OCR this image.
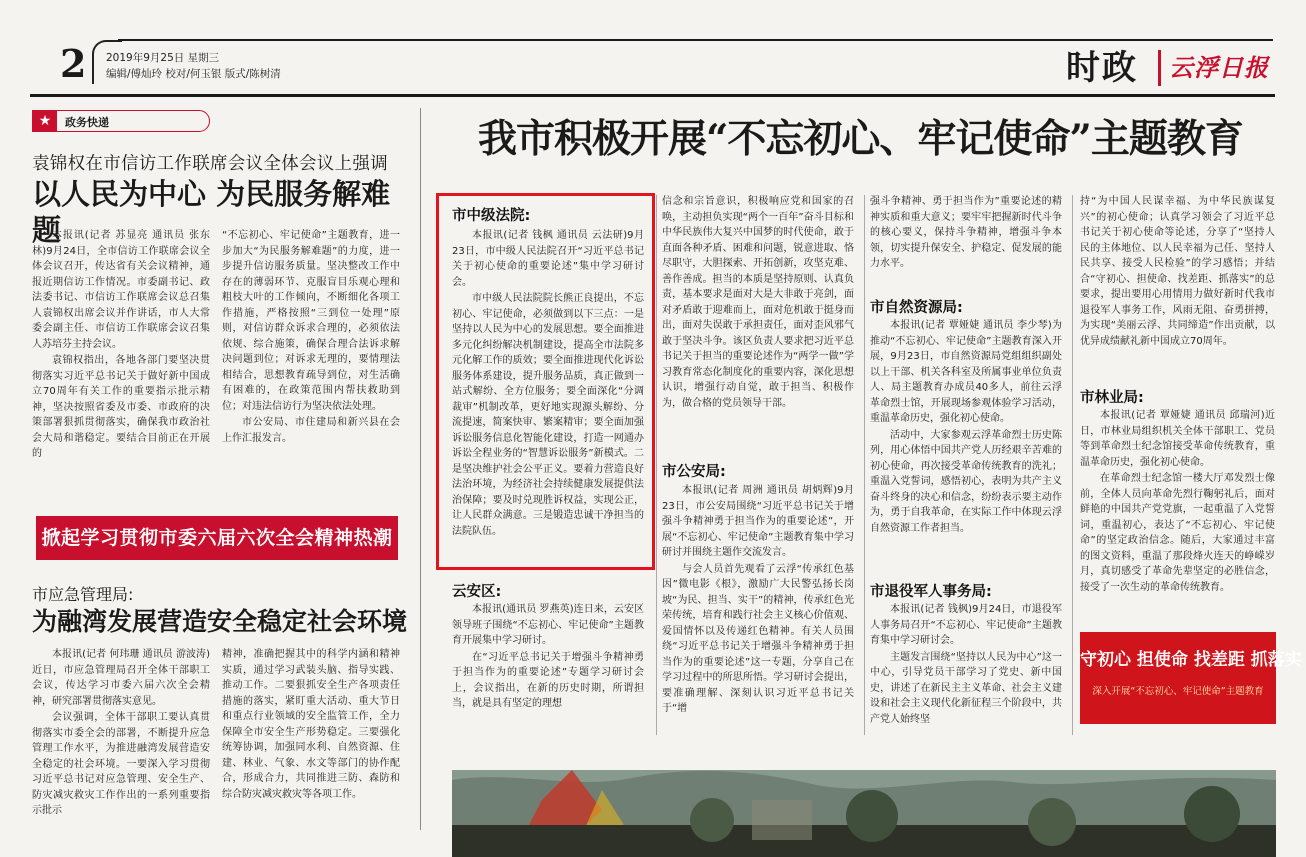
2 2019年9月25日 星期三
编辑/傅灿玲 校对/何玉银 版式/陈树清	时政	云浮日报
★	政务快递
袁锦权在市信访工作联席会议全体会议上强调
以人民为中心 为民服务解难题

本报讯(记者 苏显亮 通讯员 张东林)9月24日，全市信访工作联席会议全体会议召开，传达省有关会议精神，通报近期信访工作情况。市委副书记、政法委书记、市信访工作联席会议总召集人袁锦权出席会议并作讲话，市人大常委会副主任、市信访工作联席会议召集人苏培芬主持会议。

袁锦权指出，各地各部门要坚决贯彻落实习近平总书记关于做好新中国成立70周年有关工作的重要指示批示精神，坚决按照省委及市委、市政府的决策部署狠抓贯彻落实，确保我市政治社会大局和谐稳定。要结合目前正在开展的

“不忘初心、牢记使命”主题教育，进一步加大“为民服务解难题”的力度，进一步提升信访服务质量。坚决整改工作中存在的薄弱环节、克服盲目乐观心理和粗枝大叶的工作倾向，不断细化各项工作措施，严格按照“三到位一处理”原则，对信访群众诉求合理的，必须依法依规、综合施策，确保合理合法诉求解决问题到位；对诉求无理的，要情理法相结合，思想教育疏导到位，对生活确有困难的，在政策范围内帮扶救助到位；对违法信访行为坚决依法处理。

市公安局、市住建局和新兴县在会上作汇报发言。

掀起学习贯彻市委六届六次全会精神热潮
市应急管理局:
为融湾发展营造安全稳定社会环境

本报讯(记者 何玮珊 通讯员 游波涛)近日，市应急管理局召开全体干部职工会议，传达学习市委六届六次全会精神，研究部署贯彻落实意见。

会议强调，全体干部职工要认真贯彻落实市委全会的部署，不断提升应急管理工作水平，为推进融湾发展营造安全稳定的社会环境。一要深入学习贯彻习近平总书记对应急管理、安全生产、防灾减灾救灾工作作出的一系列重要指示批示

精神，准确把握其中的科学内涵和精神实质，通过学习武装头脑、指导实践、推动工作。二要狠抓安全生产各项责任措施的落实，紧盯重大活动、重大节日和重点行业领域的安全监管工作，全力保障全市安全生产形势稳定。三要强化统筹协调，加强同水利、自然资源、住建、林业、气象、水文等部门的协作配合，形成合力，共同推进三防、森防和综合防灾减灾救灾等各项工作。

我市积极开展“不忘初心、牢记使命”主题教育
市中级法院:

本报讯(记者 钱枫 通讯员 云法研)9月23日，市中级人民法院召开“习近平总书记关于初心使命的重要论述”集中学习研讨会。

市中级人民法院院长熊正良提出，不忘初心、牢记使命，必须做到以下三点：一是坚持以人民为中心的发展思想。要全面推进多元化纠纷解决机制建设，提高全市法院多元化解工作的质效；要全面推进现代化诉讼服务体系建设，提升服务品质，真正做到一站式解纷、全方位服务；要全面深化“分调裁审”机制改革，更好地实现源头解纷、分流提速，简案快审、繁案精审；要全面加强诉讼服务信息化智能化建设，打造一网通办诉讼全程业务的“智慧诉讼服务”新模式。二是坚决维护社会公平正义。要着力营造良好法治环境，为经济社会持续健康发展提供法治保障；要及时兑现胜诉权益，实现公正，让人民群众满意。三是锻造忠诚干净担当的法院队伍。

云安区:

本报讯(通讯员 罗燕英)连日来，云安区领导班子围绕“不忘初心、牢记使命”主题教育开展集中学习研讨。

在“习近平总书记关于增强斗争精神勇于担当作为的重要论述”专题学习研讨会上，会议指出，在新的历史时期，所谓担当，就是具有坚定的理想

信念和宗旨意识，积极响应党和国家的召唤，主动担负实现“两个一百年”奋斗目标和中华民族伟大复兴中国梦的时代使命，敢于直面各种矛盾、困难和问题，锐意进取、恪尽职守，大胆探索、开拓创新，攻坚克难、善作善成。担当的本质是坚持原则、认真负责，基本要求是面对大是大非敢于亮剑，面对矛盾敢于迎难而上，面对危机敢于挺身而出，面对失误敢于承担责任，面对歪风邪气敢于坚决斗争。该区负责人要求把习近平总书记关于担当的重要论述作为“两学一做”学习教育常态化制度化的重要内容，深化思想认识，增强行动自觉，敢于担当、积极作为，做合格的党员领导干部。

市公安局:

本报讯(记者 周洲 通讯员 胡炳辉)9月23日，市公安局围绕“习近平总书记关于增强斗争精神勇于担当作为的重要论述”，开展“不忘初心、牢记使命”主题教育集中学习研讨并围绕主题作交流发言。

与会人员首先观看了云浮“传承红色基因”微电影《根》，激励广大民警弘扬长岗坡“为民、担当、实干”的精神，传承红色光荣传统，培育和践行社会主义核心价值观、爱国情怀以及传递红色精神。有关人员围绕“习近平总书记关于增强斗争精神勇于担当作为的重要论述”这一专题，分享自己在学习过程中的所思所悟。学习研讨会提出，要准确理解、深刻认识习近平总书记关于“增

强斗争精神、勇于担当作为”重要论述的精神实质和重大意义；要牢牢把握新时代斗争的核心要义，保持斗争精神，增强斗争本领，切实提升保安全、护稳定、促发展的能力水平。

市自然资源局:

本报讯(记者 覃娅婕 通讯员 李少琴)为推动“不忘初心、牢记使命”主题教育深入开展，9月23日，市自然资源局党组组织副处以上干部、机关各科室及所属事业单位负责人、局主题教育办成员40多人，前往云浮革命烈士馆，开展现场参观体验学习活动，重温革命历史，强化初心使命。

活动中，大家参观云浮革命烈士历史陈列，用心体悟中国共产党人历经艰辛苦难的初心使命，再次接受革命传统教育的洗礼；重温入党誓词，感悟初心，表明为共产主义奋斗终身的决心和信念，纷纷表示要主动作为，勇于自我革命，在实际工作中体现云浮自然资源工作者担当。

市退役军人事务局:

本报讯(记者 钱枫)9月24日，市退役军人事务局召开“不忘初心、牢记使命”主题教育集中学习研讨会。

主题发言围绕“坚持以人民为中心”这一中心，引导党员干部学习了党史、新中国史，讲述了在新民主主义革命、社会主义建设和社会主义现代化新征程三个阶段中，共产党人始终坚

持“为中国人民谋幸福、为中华民族谋复兴”的初心使命；认真学习领会了习近平总书记关于初心使命等论述，分享了“坚持人民的主体地位、以人民幸福为己任、坚持人民共享、接受人民检验”的学习感悟；并结合“守初心、担使命、找差距、抓落实”的总要求，提出要用心用情用力做好新时代我市退役军人事务工作，风雨无阻、奋勇拼搏，为实现“美丽云浮、共同缔造”作出贡献，以优异成绩献礼新中国成立70周年。

市林业局:

本报讯(记者 覃娅婕 通讯员 邱瑞河)近日，市林业局组织机关全体干部职工、党员等到革命烈士纪念馆接受革命传统教育，重温革命历史，强化初心使命。

在革命烈士纪念馆一楼大厅邓发烈士像前，全体人员向革命先烈行鞠躬礼后，面对鲜艳的中国共产党党旗，一起重温了入党誓词，重温初心，表达了“不忘初心、牢记使命”的坚定政治信念。随后，大家通过丰富的图文资料，重温了那段烽火连天的峥嵘岁月，真切感受了革命先辈坚定的必胜信念，接受了一次生动的革命传统教育。

守初心 担使命 找差距 抓落实
深入开展“不忘初心、牢记使命”主题教育
